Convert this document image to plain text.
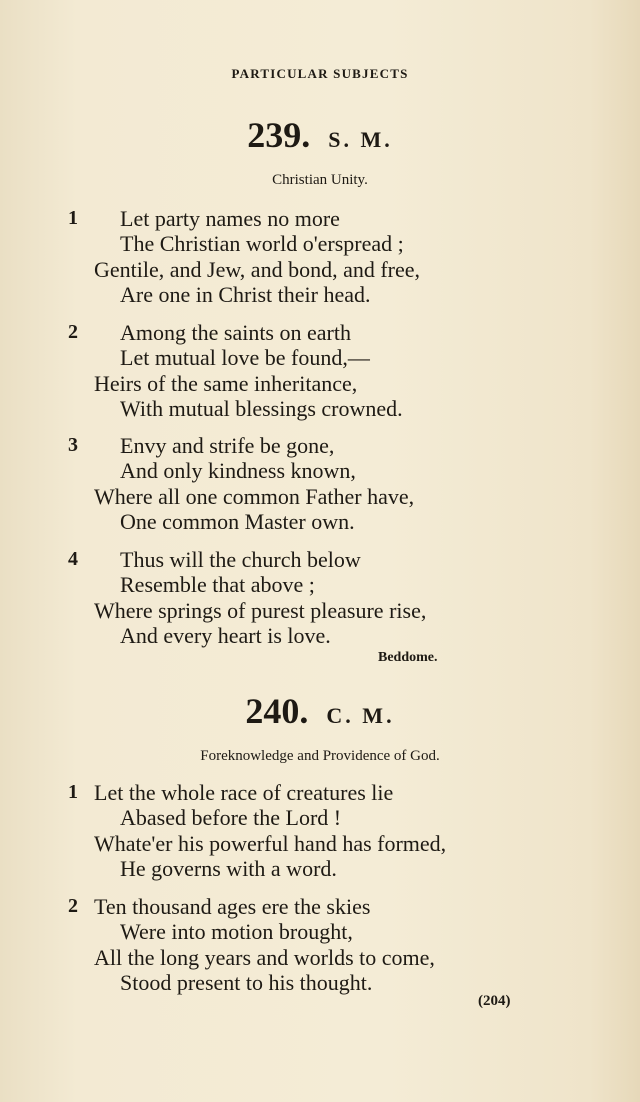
PARTICULAR SUBJECTS
239. S. M.
Christian Unity.
1 Let party names no more
The Christian world o'erspread ;
Gentile, and Jew, and bond, and free,
Are one in Christ their head.
2 Among the saints on earth
Let mutual love be found,—
Heirs of the same inheritance,
With mutual blessings crowned.
3 Envy and strife be gone,
And only kindness known,
Where all one common Father have,
One common Master own.
4 Thus will the church below
Resemble that above ;
Where springs of purest pleasure rise,
And every heart is love.
Beddome.
240. C. M.
Foreknowledge and Providence of God.
1 Let the whole race of creatures lie
Abased before the Lord !
Whate'er his powerful hand has formed,
He governs with a word.
2 Ten thousand ages ere the skies
Were into motion brought,
All the long years and worlds to come,
Stood present to his thought.
(204)
